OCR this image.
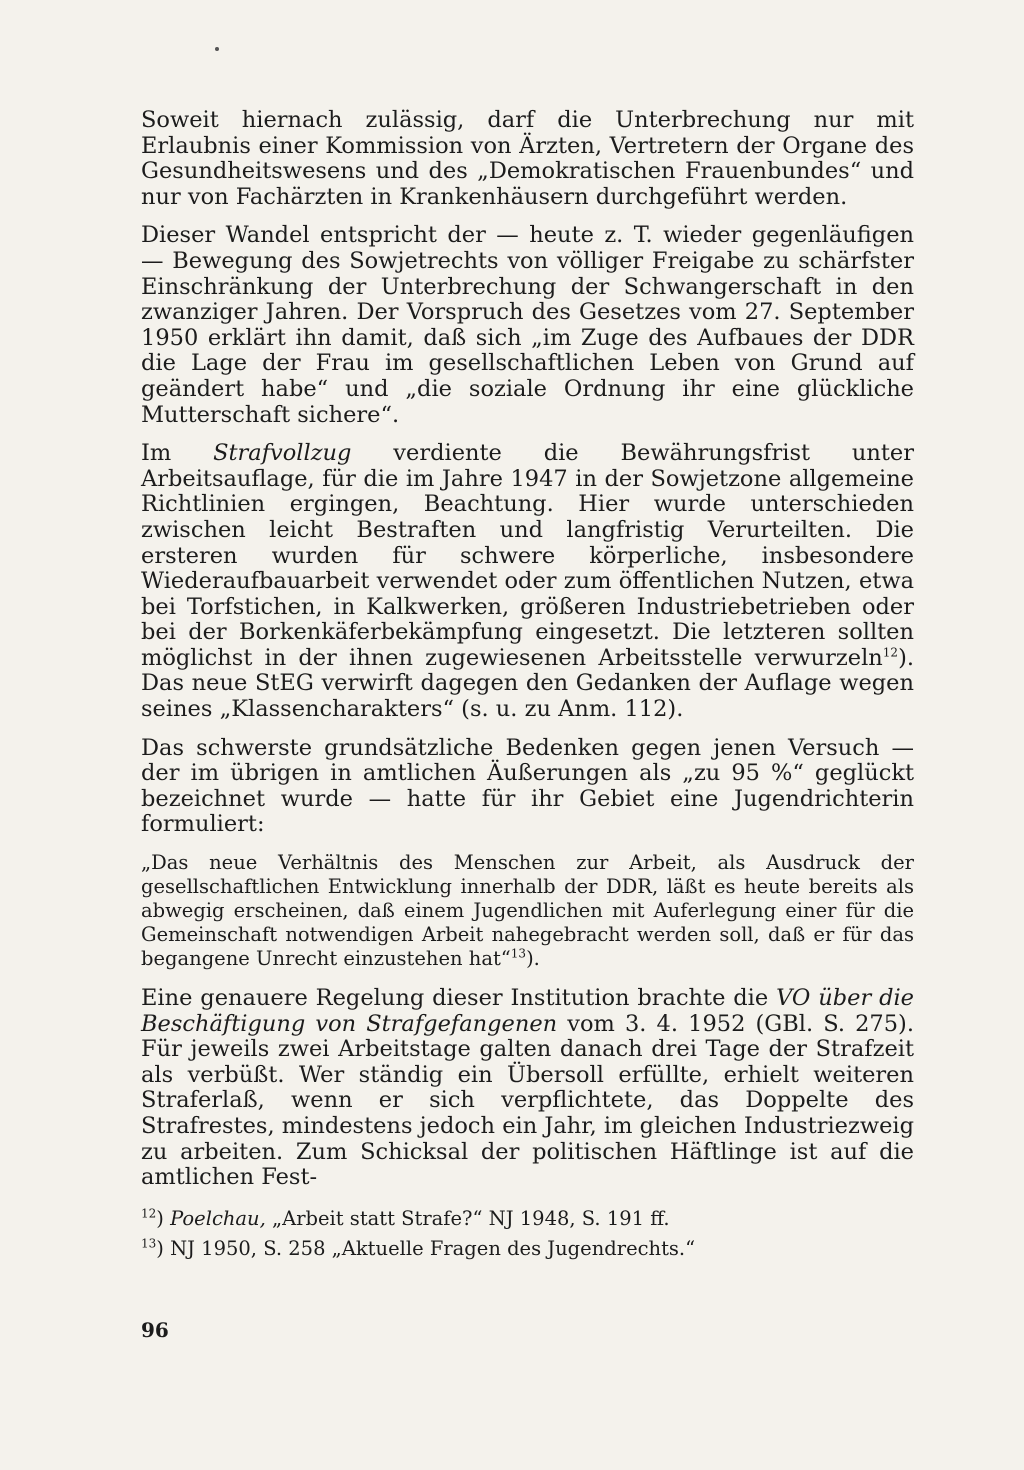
Soweit hiernach zulässig, darf die Unterbrechung nur mit Erlaubnis einer Kommission von Ärzten, Vertretern der Organe des Gesundheitswesens und des „Demokratischen Frauenbundes“ und nur von Fachärzten in Krankenhäusern durchgeführt werden.

Dieser Wandel entspricht der — heute z. T. wieder gegenläufigen — Bewegung des Sowjetrechts von völliger Freigabe zu schärfster Einschränkung der Unterbrechung der Schwangerschaft in den zwanziger Jahren. Der Vorspruch des Gesetzes vom 27. September 1950 erklärt ihn damit, daß sich „im Zuge des Aufbaues der DDR die Lage der Frau im gesellschaftlichen Leben von Grund auf geändert habe“ und „die soziale Ordnung ihr eine glückliche Mutterschaft sichere“.

Im Strafvollzug verdiente die Bewährungsfrist unter Arbeitsauflage, für die im Jahre 1947 in der Sowjetzone allgemeine Richtlinien ergingen, Beachtung. Hier wurde unterschieden zwischen leicht Bestraften und langfristig Verurteilten. Die ersteren wurden für schwere körperliche, insbesondere Wiederaufbauarbeit verwendet oder zum öffentlichen Nutzen, etwa bei Torfstichen, in Kalkwerken, größeren Industriebetrieben oder bei der Borkenkäferbekämpfung eingesetzt. Die letzteren sollten möglichst in der ihnen zugewiesenen Arbeitsstelle verwurzeln$^{12}$). Das neue StEG verwirft dagegen den Gedanken der Auflage wegen seines „Klassencharakters“ (s. u. zu Anm. 112).

Das schwerste grundsätzliche Bedenken gegen jenen Versuch — der im übrigen in amtlichen Äußerungen als „zu 95 %“ geglückt bezeichnet wurde — hatte für ihr Gebiet eine Jugendrichterin formuliert:

„Das neue Verhältnis des Menschen zur Arbeit, als Ausdruck der gesellschaftlichen Entwicklung innerhalb der DDR, läßt es heute bereits als abwegig erscheinen, daß einem Jugendlichen mit Auferlegung einer für die Gemeinschaft notwendigen Arbeit nahegebracht werden soll, daß er für das begangene Unrecht einzustehen hat“$^{13}$).

Eine genauere Regelung dieser Institution brachte die VO über die Beschäftigung von Strafgefangenen vom 3. 4. 1952 (GBl. S. 275). Für jeweils zwei Arbeitstage galten danach drei Tage der Strafzeit als verbüßt. Wer ständig ein Übersoll erfüllte, erhielt weiteren Straferlaß, wenn er sich verpflichtete, das Doppelte des Strafrestes, mindestens jedoch ein Jahr, im gleichen Industriezweig zu arbeiten. Zum Schicksal der politischen Häftlinge ist auf die amtlichen Fest-

$^{12}$) Poelchau, „Arbeit statt Strafe?“ NJ 1948, S. 191 ff.

$^{13}$) NJ 1950, S. 258 „Aktuelle Fragen des Jugendrechts.“

96
